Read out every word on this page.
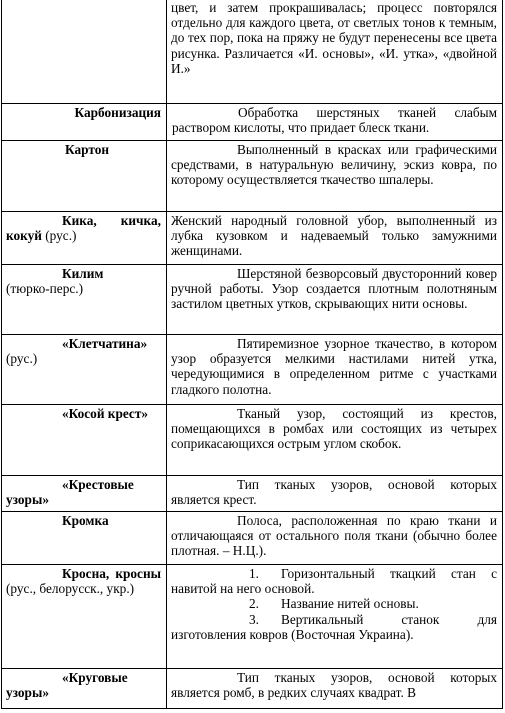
	цвет, и затем прокрашивалась; процесс повторялся отдельно для каждого цвета, от светлых тонов к темным, до тех пор, пока на пряжу не будут перенесены все цвета рисунка. Различается «И. основы», «И. утка», «двойной И.»
Карбонизация	Обработка шерстяных тканей слабым раствором кислоты, что придает блеск ткани.
Картон	Выполненный в красках или графическими средствами, в натуральную величину, эскиз ковра, по которому осуществляется ткачество шпалеры.
Кика, кичка, кокуй (рус.)	Женский народный головной убор, выполненный из лубка кузовком и надеваемый только замужними женщинами.
Килим
(тюрко-перс.)	Шерстяной безворсовый двусторонний ковер ручной работы. Узор создается плотным полотняным застилом цветных утков, скрывающих нити основы.
«Клетчатина»
(рус.)	Пятиремизное узорное ткачество, в котором узор образуется мелкими настилами нитей утка, чередующимися в определенном ритме с участками гладкого полотна.
«Косой крест»	Тканый узор, состоящий из крестов, помещающихся в ромбах или состоящих из четырех соприкасающихся острым углом скобок.
«Крестовые узоры»	Тип тканых узоров, основой которых является крест.
Кромка	Полоса, расположенная по краю ткани и отличающаяся от остального поля ткани (обычно более плотная. – Н.Ц.).
Кросна, кросны (рус., белорусск., укр.)	1. Горизонтальный ткацкий стан с навитой на него основой.
2. Название нитей основы.
3. Вертикальный станок для изготовления ковров (Восточная Украина).

«Круговые узоры»	Тип тканых узоров, основой которых является ромб, в редких случаях квадрат. В
